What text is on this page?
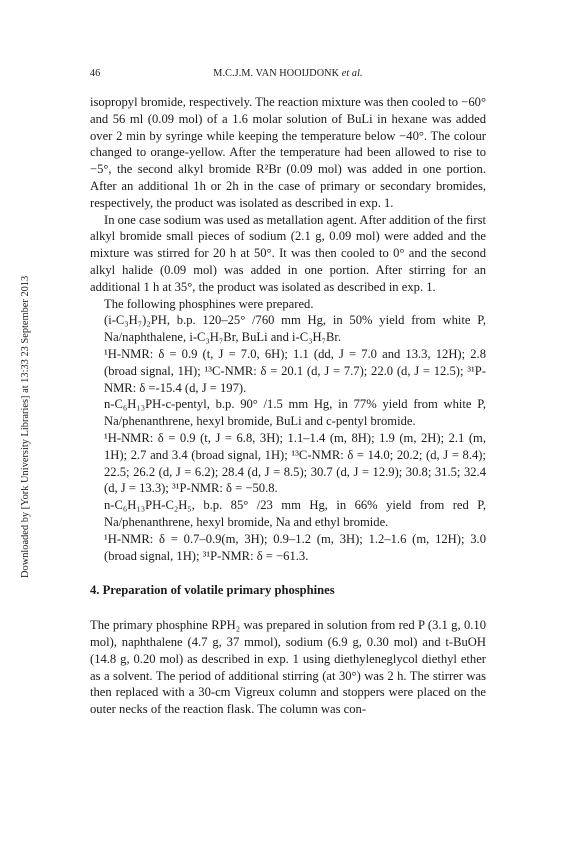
Downloaded by [York University Libraries] at 13:33 23 September 2013
46	M.C.J.M. VAN HOOIJDONK et al.

isopropyl bromide, respectively. The reaction mixture was then cooled to −60° and 56 ml (0.09 mol) of a 1.6 molar solution of BuLi in hexane was added over 2 min by syringe while keeping the temperature below −40°. The colour changed to orange-yellow. After the temperature had been allowed to rise to −5°, the second alkyl bromide R²Br (0.09 mol) was added in one portion. After an additional 1h or 2h in the case of primary or secondary bromides, respectively, the product was isolated as described in exp. 1.

In one case sodium was used as metallation agent. After addition of the first alkyl bromide small pieces of sodium (2.1 g, 0.09 mol) were added and the mixture was stirred for 20 h at 50°. It was then cooled to 0° and the second alkyl halide (0.09 mol) was added in one portion. After stirring for an additional 1 h at 35°, the product was isolated as described in exp. 1.

The following phosphines were prepared.

(i-C₃H₇)₂PH, b.p. 120–25° /760 mm Hg, in 50% yield from white P, Na/naphthalene, i-C₃H₇Br, BuLi and i-C₃H₇Br.

¹H-NMR: δ = 0.9 (t, J = 7.0, 6H); 1.1 (dd, J = 7.0 and 13.3, 12H); 2.8 (broad signal, 1H); ¹³C-NMR: δ = 20.1 (d, J = 7.7); 22.0 (d, J = 12.5); ³¹P-NMR: δ =-15.4 (d, J = 197).

n-C₆H₁₃PH-c-pentyl, b.p. 90° /1.5 mm Hg, in 77% yield from white P, Na/phenanthrene, hexyl bromide, BuLi and c-pentyl bromide.

¹H-NMR: δ = 0.9 (t, J = 6.8, 3H); 1.1–1.4 (m, 8H); 1.9 (m, 2H); 2.1 (m, 1H); 2.7 and 3.4 (broad signal, 1H); ¹³C-NMR: δ = 14.0; 20.2; (d, J = 8.4); 22.5; 26.2 (d, J = 6.2); 28.4 (d, J = 8.5); 30.7 (d, J = 12.9); 30.8; 31.5; 32.4 (d, J = 13.3); ³¹P-NMR: δ = −50.8.

n-C₆H₁₃PH-C₂H₅, b.p. 85° /23 mm Hg, in 66% yield from red P, Na/phenanthrene, hexyl bromide, Na and ethyl bromide.

¹H-NMR: δ = 0.7–0.9(m, 3H); 0.9–1.2 (m, 3H); 1.2–1.6 (m, 12H); 3.0 (broad signal, 1H); ³¹P-NMR: δ = −61.3.

4. Preparation of volatile primary phosphines

The primary phosphine RPH₂ was prepared in solution from red P (3.1 g, 0.10 mol), naphthalene (4.7 g, 37 mmol), sodium (6.9 g, 0.30 mol) and t-BuOH (14.8 g, 0.20 mol) as described in exp. 1 using diethyleneglycol diethyl ether as a solvent. The period of additional stirring (at 30°) was 2 h. The stirrer was then replaced with a 30-cm Vigreux column and stoppers were placed on the outer necks of the reaction flask. The column was con-
